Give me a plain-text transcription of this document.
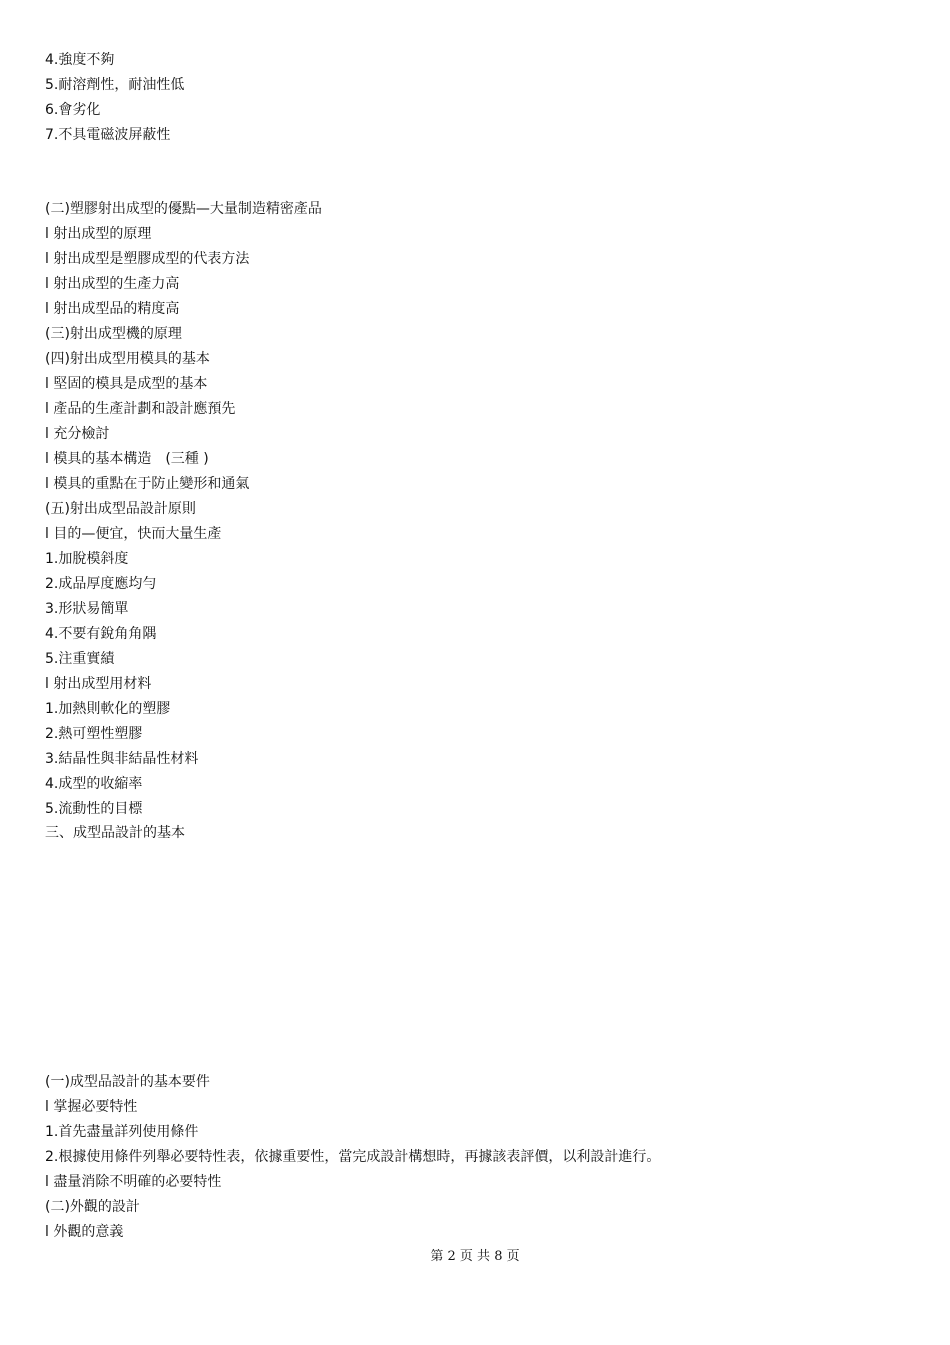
4.強度不夠
5.耐溶劑性，耐油性低
6.會劣化
7.不具電磁波屏蔽性
(二)塑膠射出成型的優點—大量制造精密產品
l 射出成型的原理
l 射出成型是塑膠成型的代表方法
l 射出成型的生產力高
l 射出成型品的精度高
(三)射出成型機的原理
(四)射出成型用模具的基本
l 堅固的模具是成型的基本
l 產品的生產計劃和設計應預先
l 充分檢討
l 模具的基本構造　(三種 )
l 模具的重點在于防止變形和通氣
(五)射出成型品設計原則
l 目的—便宜，快而大量生產
1.加脫模斜度
2.成品厚度應均勻
3.形狀易簡單
4.不要有銳角角隅
5.注重實績
l 射出成型用材料
1.加熱則軟化的塑膠
2.熱可塑性塑膠
3.結晶性與非結晶性材料
4.成型的收縮率
5.流動性的目標
三、成型品設計的基本
(一)成型品設計的基本要件
l 掌握必要特性
1.首先盡量詳列使用條件
2.根據使用條件列舉必要特性表，依據重要性，當完成設計構想時，再據該表評價，以利設計進行。
l 盡量消除不明確的必要特性
(二)外觀的設計
l 外觀的意義
第 2 页 共 8 页
